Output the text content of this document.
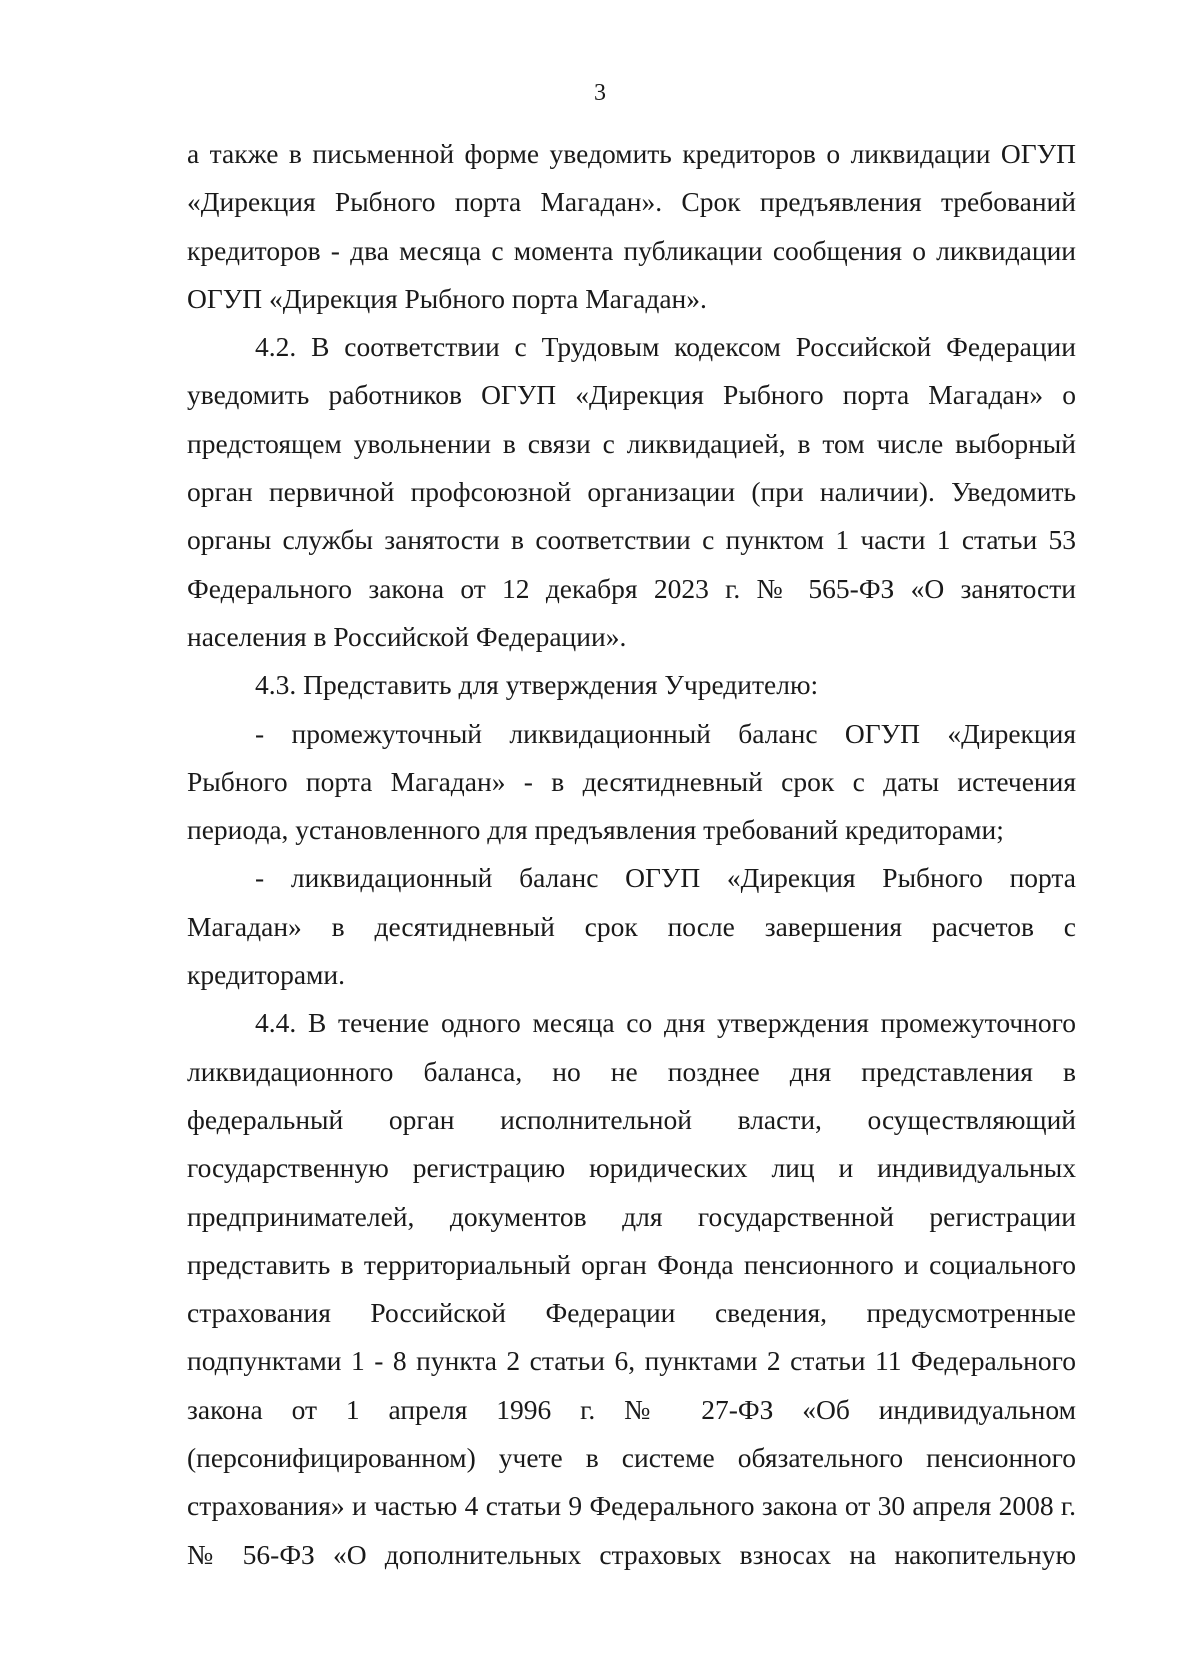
3

а также в письменной форме уведомить кредиторов о ликвидации ОГУП «Дирекция Рыбного порта Магадан». Срок предъявления требований кредиторов - два месяца с момента публикации сообщения о ликвидации ОГУП «Дирекция Рыбного порта Магадан».

4.2. В соответствии с Трудовым кодексом Российской Федерации уведомить работников ОГУП «Дирекция Рыбного порта Магадан» о предстоящем увольнении в связи с ликвидацией, в том числе выборный орган первичной профсоюзной организации (при наличии). Уведомить органы службы занятости в соответствии с пунктом 1 части 1 статьи 53 Федерального закона от 12 декабря 2023 г. № 565-ФЗ «О занятости населения в Российской Федерации».

4.3. Представить для утверждения Учредителю:

- промежуточный ликвидационный баланс ОГУП «Дирекция Рыбного порта Магадан» - в десятидневный срок с даты истечения периода, установленного для предъявления требований кредиторами;

- ликвидационный баланс ОГУП «Дирекция Рыбного порта Магадан» в десятидневный срок после завершения расчетов с кредиторами.

4.4. В течение одного месяца со дня утверждения промежуточного ликвидационного баланса, но не позднее дня представления в федеральный орган исполнительной власти, осуществляющий государственную регистрацию юридических лиц и индивидуальных предпринимателей, документов для государственной регистрации представить в территориальный орган Фонда пенсионного и социального страхования Российской Федерации сведения, предусмотренные подпунктами 1 - 8 пункта 2 статьи 6, пунктами 2 статьи 11 Федерального закона от 1 апреля 1996 г. № 27-ФЗ «Об индивидуальном (персонифицированном) учете в системе обязательного пенсионного страхования» и частью 4 статьи 9 Федерального закона от 30 апреля 2008 г. № 56-ФЗ «О дополнительных страховых взносах на накопительную
